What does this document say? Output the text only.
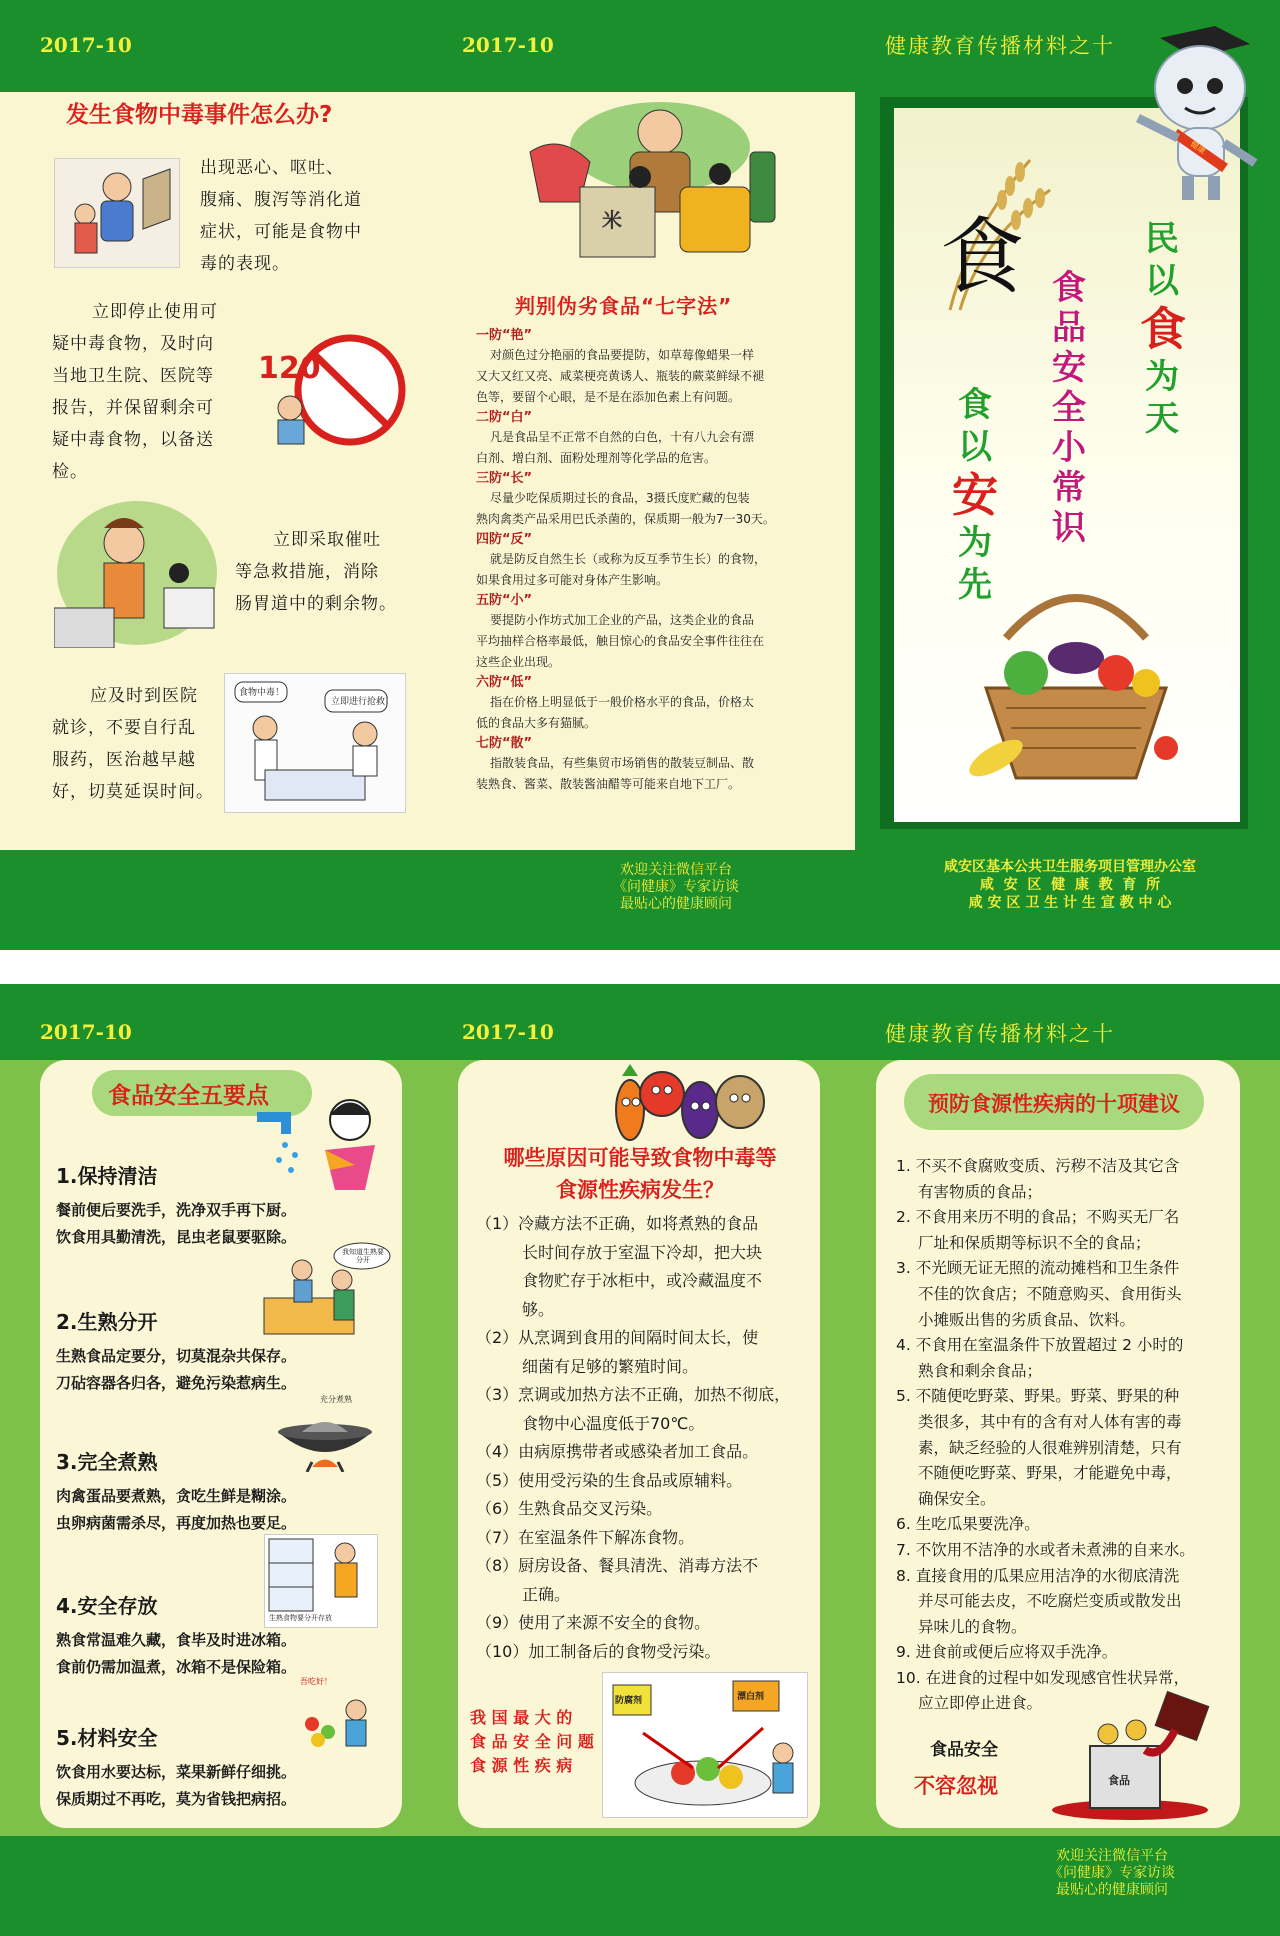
2017-10	2017-10	健康教育传播材料之十
发生食物中毒事件怎么办?
出现恶心、呕吐、
腹痛、腹泻等消化道
症状，可能是食物中
毒的表现。
立即停止使用可
疑中毒食物，及时向
当地卫生院、医院等
报告，并保留剩余可
疑中毒食物，以备送
检。
120
立即采取催吐
等急救措施，消除
肠胃道中的剩余物。
应及时到医院
就诊，不要自行乱
服药，医治越早越
好，切莫延误时间。
食物中毒！
立即进行抢救！
米
判别伪劣食品“七字法”
一防“艳”
对颜色过分艳丽的食品要提防，如草莓像蜡果一样
又大又红又亮、咸菜梗亮黄诱人、瓶装的蕨菜鲜绿不褪
色等，要留个心眼，是不是在添加色素上有问题。
二防“白”
凡是食品呈不正常不自然的白色，十有八九会有漂
白剂、增白剂、面粉处理剂等化学品的危害。
三防“长”
尽量少吃保质期过长的食品，3摄氏度贮藏的包装
熟肉禽类产品采用巴氏杀菌的，保质期一般为7一30天。
四防“反”
就是防反自然生长（或称为反互季节生长）的食物，
如果食用过多可能对身体产生影响。
五防“小”
要提防小作坊式加工企业的产品，这类企业的食品
平均抽样合格率最低，触目惊心的食品安全事件往往在
这些企业出现。
六防“低”
指在价格上明显低于一般价格水平的食品，价格太
低的食品大多有猫腻。
七防“散”
指散装食品，有些集贸市场销售的散装豆制品、散
装熟食、酱菜、散装酱油醋等可能来自地下工厂。
欢迎关注微信平台
《问健康》专家访谈
最贴心的健康顾问
健康
食	民
以
食
为
天
食
品
安
全
小
常
识
食
以
安
为
先
咸安区基本公共卫生服务项目管理办公室
咸  安  区  健  康  教  育  所
咸 安 区 卫 生 计 生 宣 教 中 心
2017-10	2017-10	健康教育传播材料之十
食品安全五要点
1.保持清洁
餐前便后要洗手，洗净双手再下厨。
饮食用具勤清洗，昆虫老鼠要驱除。
我知道生熟要分开
2.生熟分开
生熟食品定要分，切莫混杂共保存。
刀砧容器各归各，避免污染惹病生。
充分煮熟
3.完全煮熟
肉禽蛋品要煮熟，贪吃生鲜是糊涂。
虫卵病菌需杀尽，再度加热也要足。
生熟食物要分开存放
4.安全存放
熟食常温难久藏，食毕及时进冰箱。
食前仍需加温煮，冰箱不是保险箱。
吾吃好！
5.材料安全
饮食用水要达标，菜果新鲜仔细挑。
保质期过不再吃，莫为省钱把病招。
哪些原因可能导致食物中毒等
食源性疾病发生？
（1）冷藏方法不正确，如将煮熟的食品
长时间存放于室温下冷却，把大块
食物贮存于冰柜中，或冷藏温度不
够。
（2）从烹调到食用的间隔时间太长，使
细菌有足够的繁殖时间。
（3）烹调或加热方法不正确，加热不彻底，
食物中心温度低于70℃。
（4）由病原携带者或感染者加工食品。
（5）使用受污染的生食品或原辅料。
（6）生熟食品交叉污染。
（7）在室温条件下解冻食物。
（8）厨房设备、餐具清洗、消毒方法不
正确。
（9）使用了来源不安全的食物。
（10）加工制备后的食物受污染。
我 国 最 大 的
食 品 安 全 问 题
食 源 性 疾 病
防腐剂	漂白剂
预防食源性疾病的十项建议
1. 不买不食腐败变质、污秽不洁及其它含
有害物质的食品；
2. 不食用来历不明的食品；不购买无厂名
厂址和保质期等标识不全的食品；
3. 不光顾无证无照的流动摊档和卫生条件
不佳的饮食店；不随意购买、食用街头
小摊贩出售的劣质食品、饮料。
4. 不食用在室温条件下放置超过 2 小时的
熟食和剩余食品；
5. 不随便吃野菜、野果。野菜、野果的种
类很多，其中有的含有对人体有害的毒
素，缺乏经验的人很难辨别清楚，只有
不随便吃野菜、野果，才能避免中毒，
确保安全。
6. 生吃瓜果要洗净。
7. 不饮用不洁净的水或者未煮沸的自来水。
8. 直接食用的瓜果应用洁净的水彻底清洗
并尽可能去皮，不吃腐烂变质或散发出
异味儿的食物。
9. 进食前或便后应将双手洗净。
10. 在进食的过程中如发现感官性状异常，
应立即停止进食。
食品安全
不容忽视	食品
欢迎关注微信平台
《问健康》专家访谈
最贴心的健康顾问
